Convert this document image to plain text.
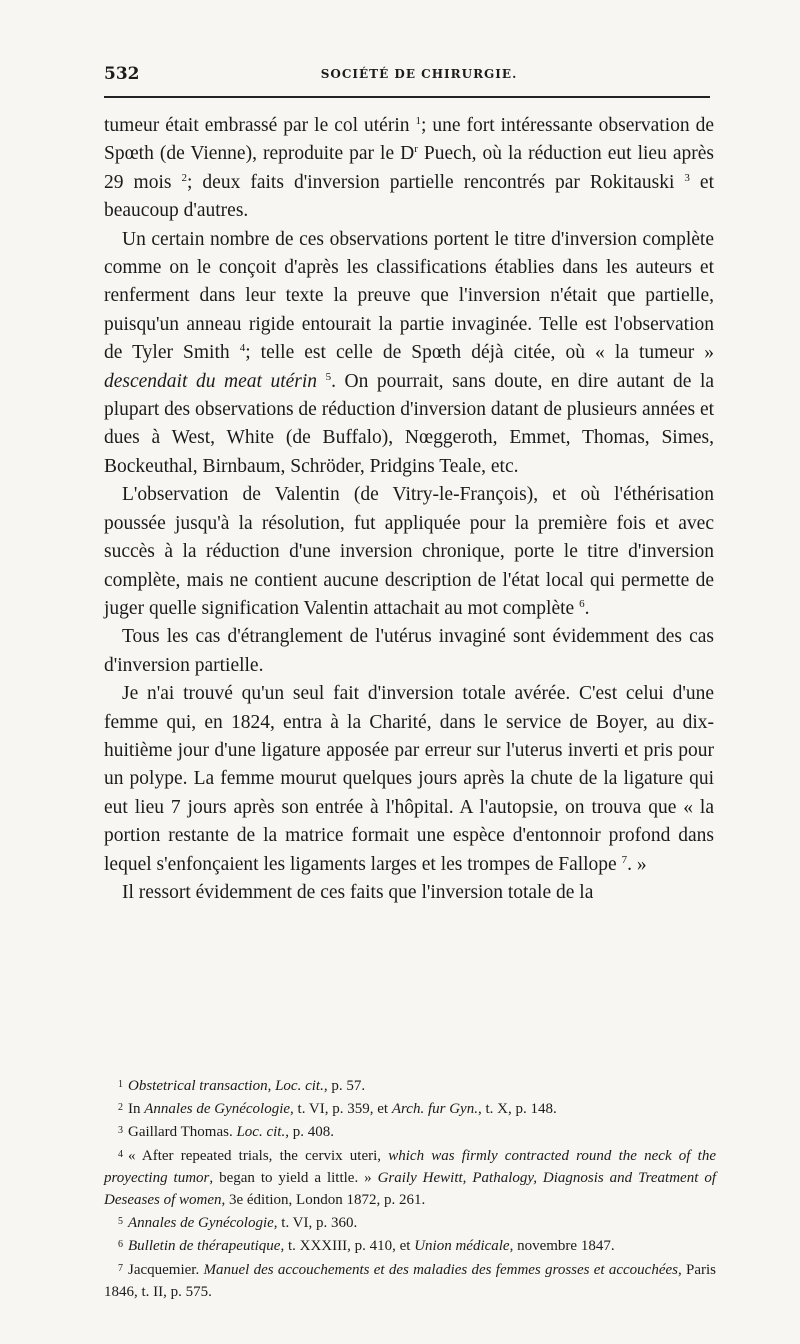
532	SOCIÉTÉ DE CHIRURGIE.

tumeur était embrassé par le col utérin $^1$; une fort intéressante observation de Spœth (de Vienne), reproduite par le $D^r$ Puech, où la réduction eut lieu après 29 mois $^2$; deux faits d'inversion partielle rencontrés par Rokitauski $^3$ et beaucoup d'autres.

Un certain nombre de ces observations portent le titre d'inversion complète comme on le conçoit d'après les classifications établies dans les auteurs et renferment dans leur texte la preuve que l'inversion n'était que partielle, puisqu'un anneau rigide entourait la partie invaginée. Telle est l'observation de Tyler Smith $^4$; telle est celle de Spœth déjà citée, où « la tumeur » descendait du meat utérin $^5$. On pourrait, sans doute, en dire autant de la plupart des observations de réduction d'inversion datant de plusieurs années et dues à West, White (de Buffalo), Nœggeroth, Emmet, Thomas, Simes, Bockeuthal, Birnbaum, Schröder, Pridgins Teale, etc.

L'observation de Valentin (de Vitry-le-François), et où l'éthérisation poussée jusqu'à la résolution, fut appliquée pour la première fois et avec succès à la réduction d'une inversion chronique, porte le titre d'inversion complète, mais ne contient aucune description de l'état local qui permette de juger quelle signification Valentin attachait au mot complète $^6$.

Tous les cas d'étranglement de l'utérus invaginé sont évidemment des cas d'inversion partielle.

Je n'ai trouvé qu'un seul fait d'inversion totale avérée. C'est celui d'une femme qui, en 1824, entra à la Charité, dans le service de Boyer, au dix-huitième jour d'une ligature apposée par erreur sur l'uterus inverti et pris pour un polype. La femme mourut quelques jours après la chute de la ligature qui eut lieu 7 jours après son entrée à l'hôpital. A l'autopsie, on trouva que « la portion restante de la matrice formait une espèce d'entonnoir profond dans lequel s'enfonçaient les ligaments larges et les trompes de Fallope $^7$. »

Il ressort évidemment de ces faits que l'inversion totale de la

$^1$ Obstetrical transaction, Loc. cit., p. 57.

$^2$ In Annales de Gynécologie, t. VI, p. 359, et Arch. fur Gyn., t. X, p. 148.

$^3$ Gaillard Thomas. Loc. cit., p. 408.

$^4$ « After repeated trials, the cervix uteri, which was firmly contracted round the neck of the proyecting tumor, began to yield a little. » Graily Hewitt, Pathalogy, Diagnosis and Treatment of Deseases of women, 3e édition, London 1872, p. 261.

$^5$ Annales de Gynécologie, t. VI, p. 360.

$^6$ Bulletin de thérapeutique, t. XXXIII, p. 410, et Union médicale, novembre 1847.

$^7$ Jacquemier. Manuel des accouchements et des maladies des femmes grosses et accouchées, Paris 1846, t. II, p. 575.
